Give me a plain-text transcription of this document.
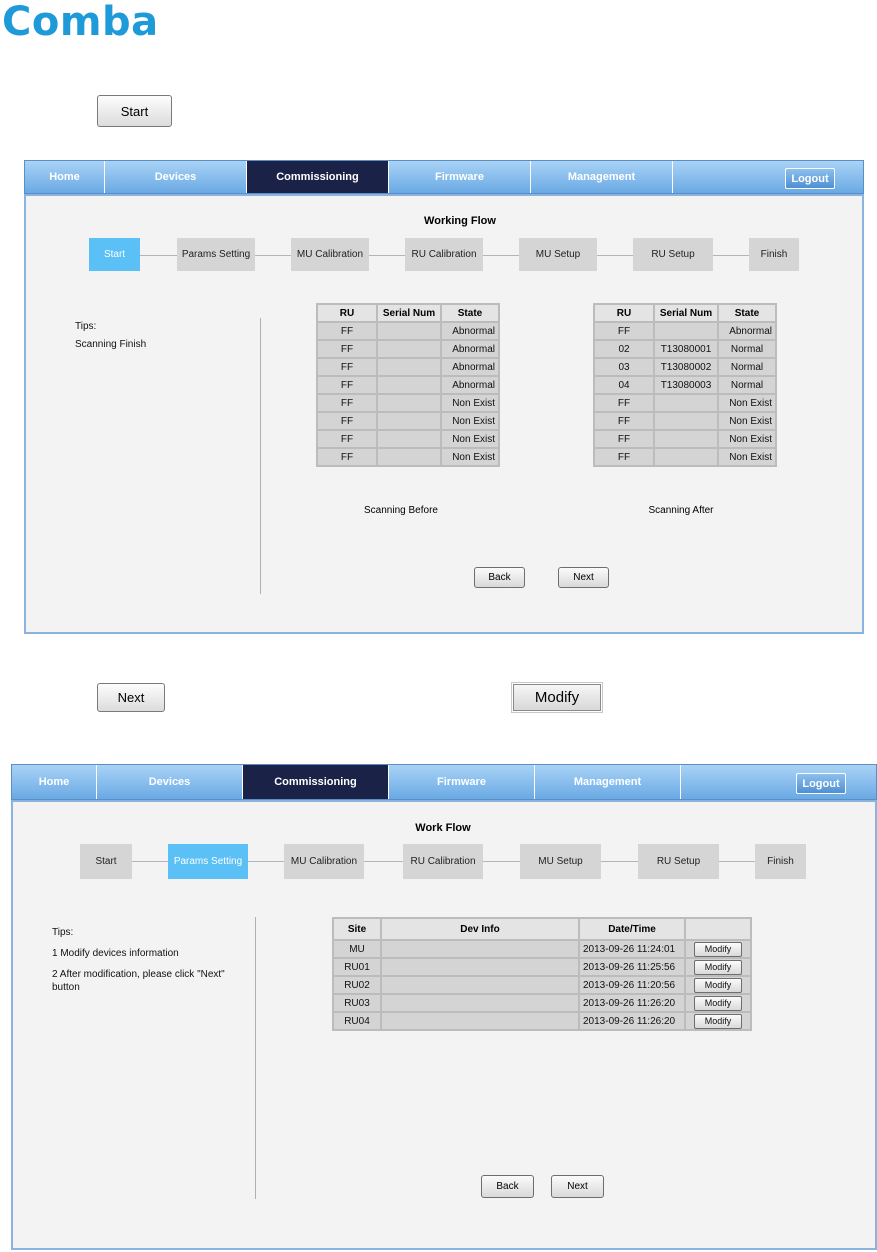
Comba
Start
Home	Devices	Commissioning	Firmware	Management	Logout
Working Flow
Start	Params Setting	MU Calibration	RU Calibration	MU Setup	RU Setup	Finish
Tips:
Scanning Finish
RU	Serial Num	State
FF		Abnormal
FF		Abnormal
FF		Abnormal
FF		Abnormal
FF		Non Exist
FF		Non Exist
FF		Non Exist
FF		Non Exist
RU	Serial Num	State
FF		Abnormal
02	T13080001	Normal
03	T13080002	Normal
04	T13080003	Normal
FF		Non Exist
FF		Non Exist
FF		Non Exist
FF		Non Exist
Scanning Before	Scanning After
Back	Next
Next	Modify
Home	Devices	Commissioning	Firmware	Management	Logout
Work Flow
Start	Params Setting	MU Calibration	RU Calibration	MU Setup	RU Setup	Finish
Tips:
1 Modify devices information
2 After modification, please click "Next" button
Site	Dev Info	Date/Time	
MU		2013-09-26 11:24:01	Modify
RU01		2013-09-26 11:25:56	Modify
RU02		2013-09-26 11:20:56	Modify
RU03		2013-09-26 11:26:20	Modify
RU04		2013-09-26 11:26:20	Modify
Back	Next
